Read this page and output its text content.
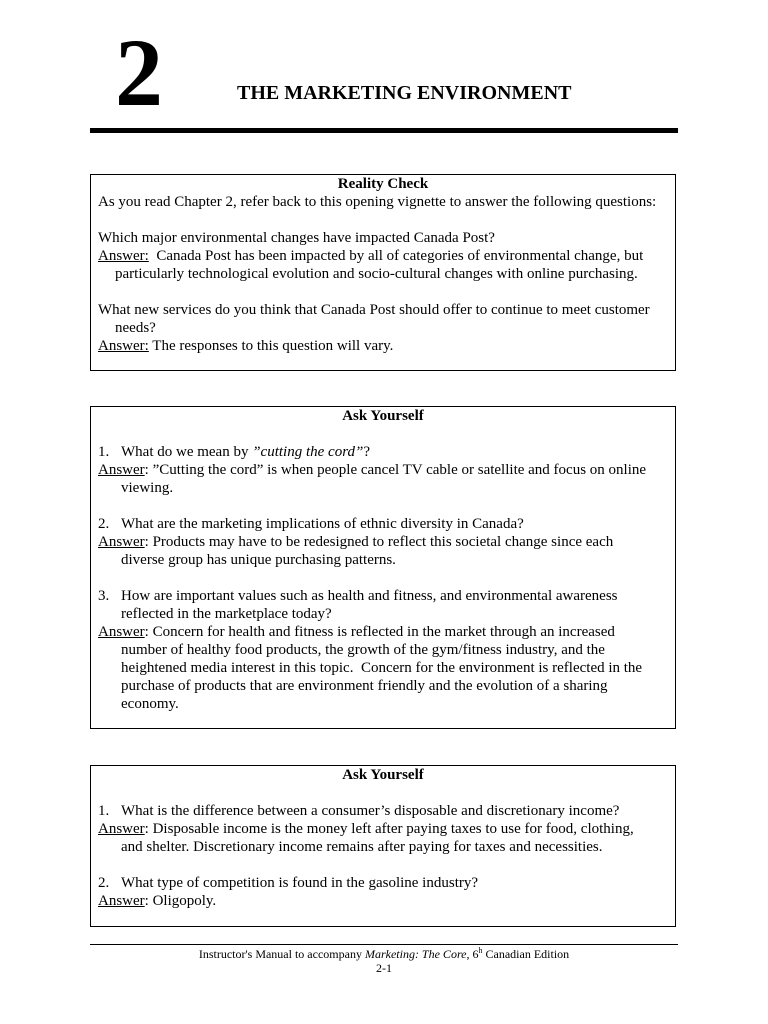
2	THE MARKETING ENVIRONMENT
Reality Check
As you read Chapter 2, refer back to this opening vignette to answer the following questions:
Which major environmental changes have impacted Canada Post?
Answer:  Canada Post has been impacted by all of categories of environmental change, but
particularly technological evolution and socio-cultural changes with online purchasing.
What new services do you think that Canada Post should offer to continue to meet customer
needs?
Answer: The responses to this question will vary.
Ask Yourself
1. What do we mean by ”cutting the cord”?
Answer: ”Cutting the cord” is when people cancel TV cable or satellite and focus on online
viewing.
2. What are the marketing implications of ethnic diversity in Canada?
Answer: Products may have to be redesigned to reflect this societal change since each
diverse group has unique purchasing patterns.
3. How are important values such as health and fitness, and environmental awareness
reflected in the marketplace today?
Answer: Concern for health and fitness is reflected in the market through an increased
number of healthy food products, the growth of the gym/fitness industry, and the
heightened media interest in this topic.  Concern for the environment is reflected in the
purchase of products that are environment friendly and the evolution of a sharing
economy.
Ask Yourself
1. What is the difference between a consumer’s disposable and discretionary income?
Answer: Disposable income is the money left after paying taxes to use for food, clothing,
and shelter. Discretionary income remains after paying for taxes and necessities.
2. What type of competition is found in the gasoline industry?
Answer: Oligopoly.
Instructor's Manual to accompany Marketing: The Core, 6$^h$ Canadian Edition
2-1
